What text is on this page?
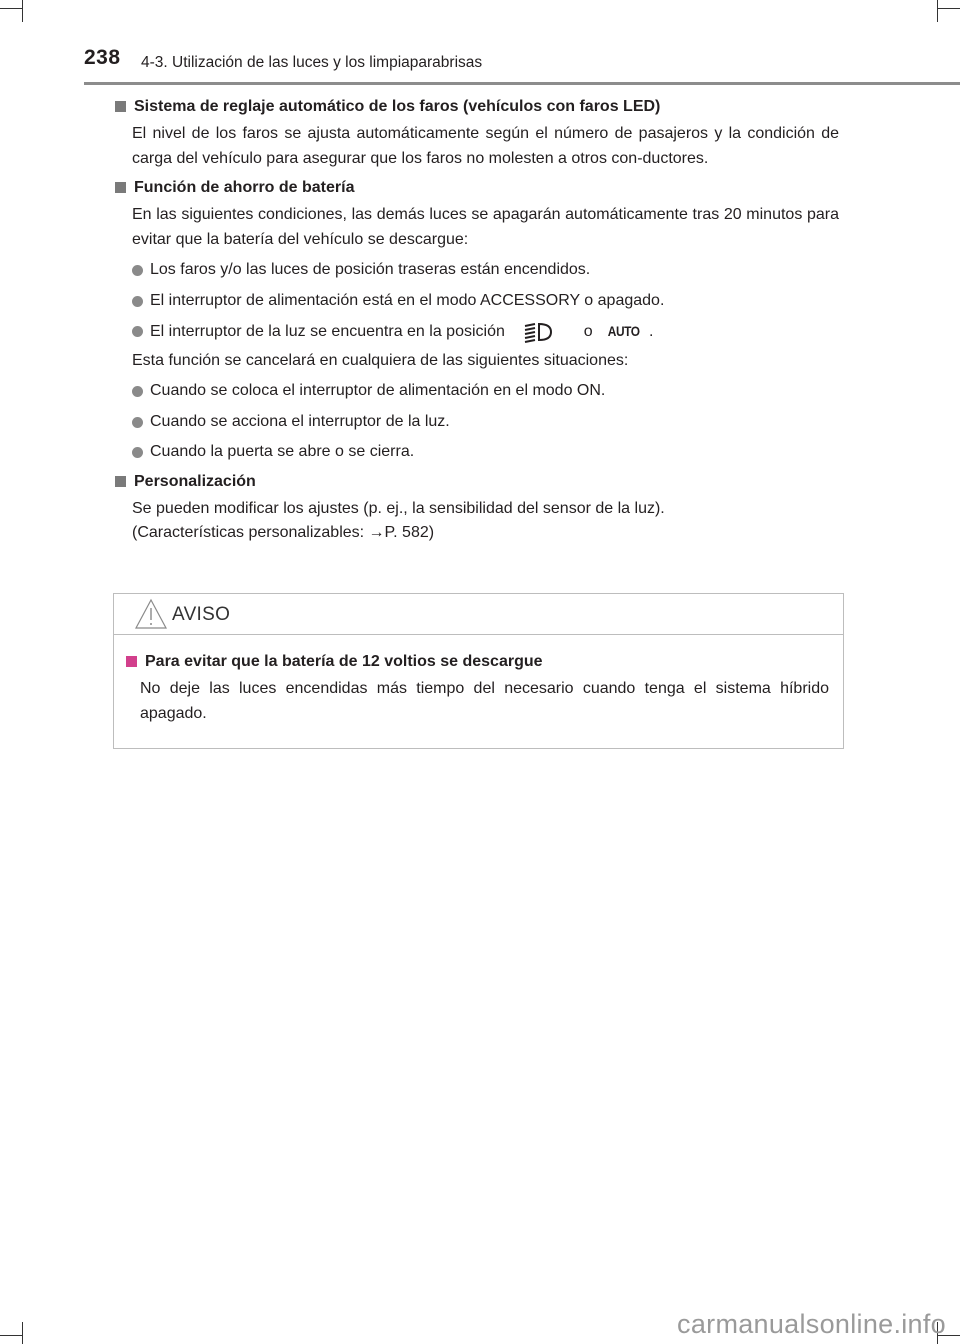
238 4-3. Utilización de las luces y los limpiaparabrisas
Sistema de reglaje automático de los faros (vehículos con faros LED)
El nivel de los faros se ajusta automáticamente según el número de pasajeros y la condición de carga del vehículo para asegurar que los faros no molesten a otros con-ductores.
Función de ahorro de batería
En las siguientes condiciones, las demás luces se apagarán automáticamente tras 20 minutos para evitar que la batería del vehículo se descargue:
Los faros y/o las luces de posición traseras están encendidos.
El interruptor de alimentación está en el modo ACCESSORY o apagado.
El interruptor de la luz se encuentra en la posición	o AUTO .
Esta función se cancelará en cualquiera de las siguientes situaciones:
Cuando se coloca el interruptor de alimentación en el modo ON.
Cuando se acciona el interruptor de la luz.
Cuando la puerta se abre o se cierra.
Personalización
Se pueden modificar los ajustes (p. ej., la sensibilidad del sensor de la luz).
(Características personalizables: →P. 582)
AVISO
Para evitar que la batería de 12 voltios se descargue
No deje las luces encendidas más tiempo del necesario cuando tenga el sistema híbrido apagado.
carmanualsonline.info
